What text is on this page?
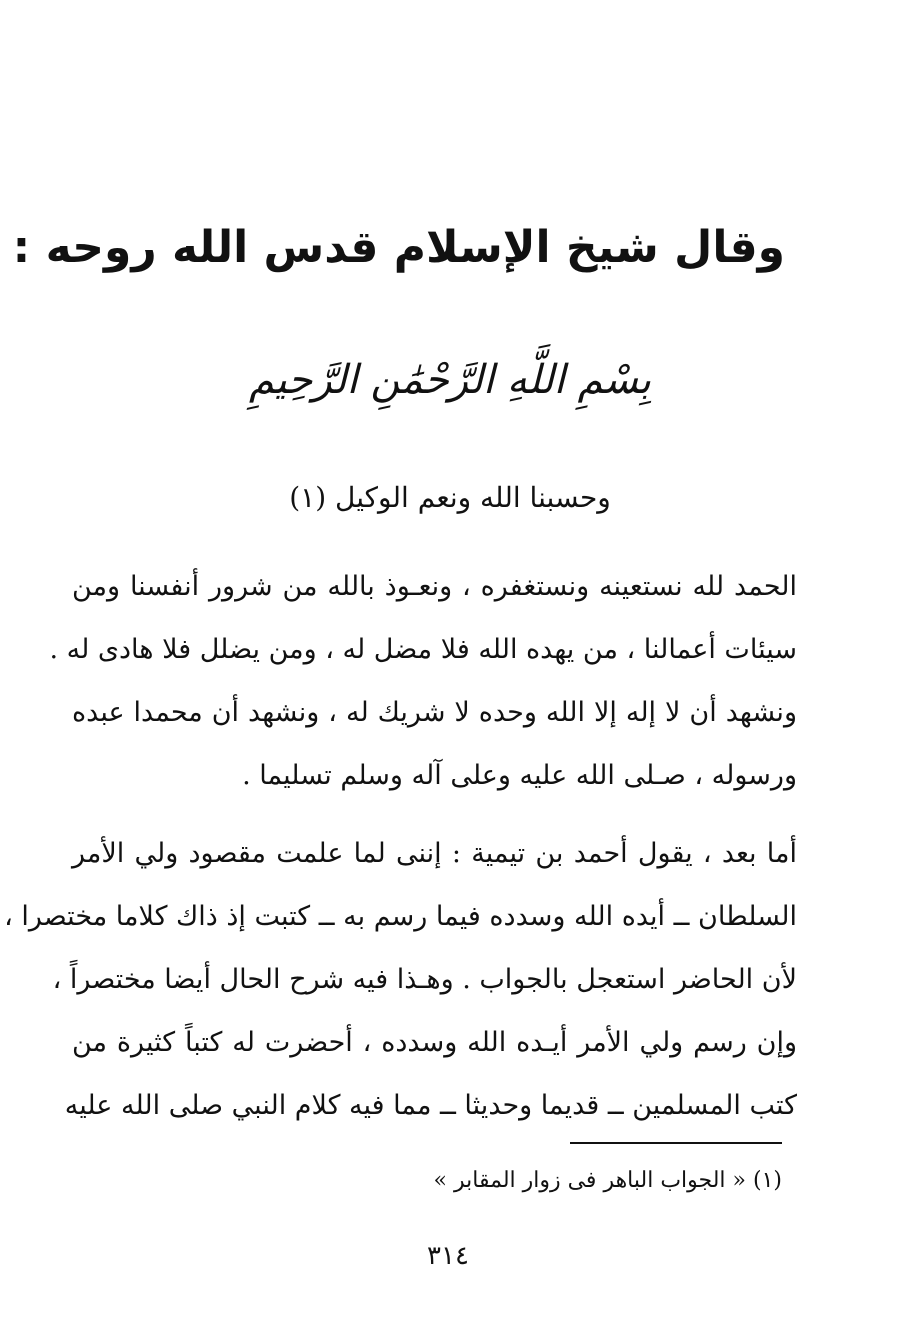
وقال شيخ الإسلام قدس الله روحه :
بِسْمِ اللَّهِ الرَّحْمَٰنِ الرَّحِيمِ
وحسبنا الله ونعم الوكيل (١)
الحمد لله نستعينه ونستغفره ، ونعـوذ بالله من شرور أنفسنا ومن
سيئات أعمالنا ، من يهده الله فلا مضل له ، ومن يضلل فلا هادى له .
ونشهد أن لا إله إلا الله وحده لا شريك له ، ونشهد أن محمدا عبده
ورسوله ، صـلى الله عليه وعلى آله وسلم تسليما .
أما بعد ، يقول أحمد بن تيمية : إننى لما علمت مقصود ولي الأمر
السلطان ــ أيده الله وسدده فيما رسم به ــ كتبت إذ ذاك كلاما مختصرا ،
لأن الحاضر استعجل بالجواب . وهـذا فيه شرح الحال أيضا مختصراً ،
وإن رسم ولي الأمر أيـده الله وسدده ، أحضرت له كتباً كثيرة من
كتب المسلمين ــ قديما وحديثا ــ مما فيه كلام النبي صلى الله عليه
(١) « الجواب الباهر فى زوار المقابر »
٣١٤
